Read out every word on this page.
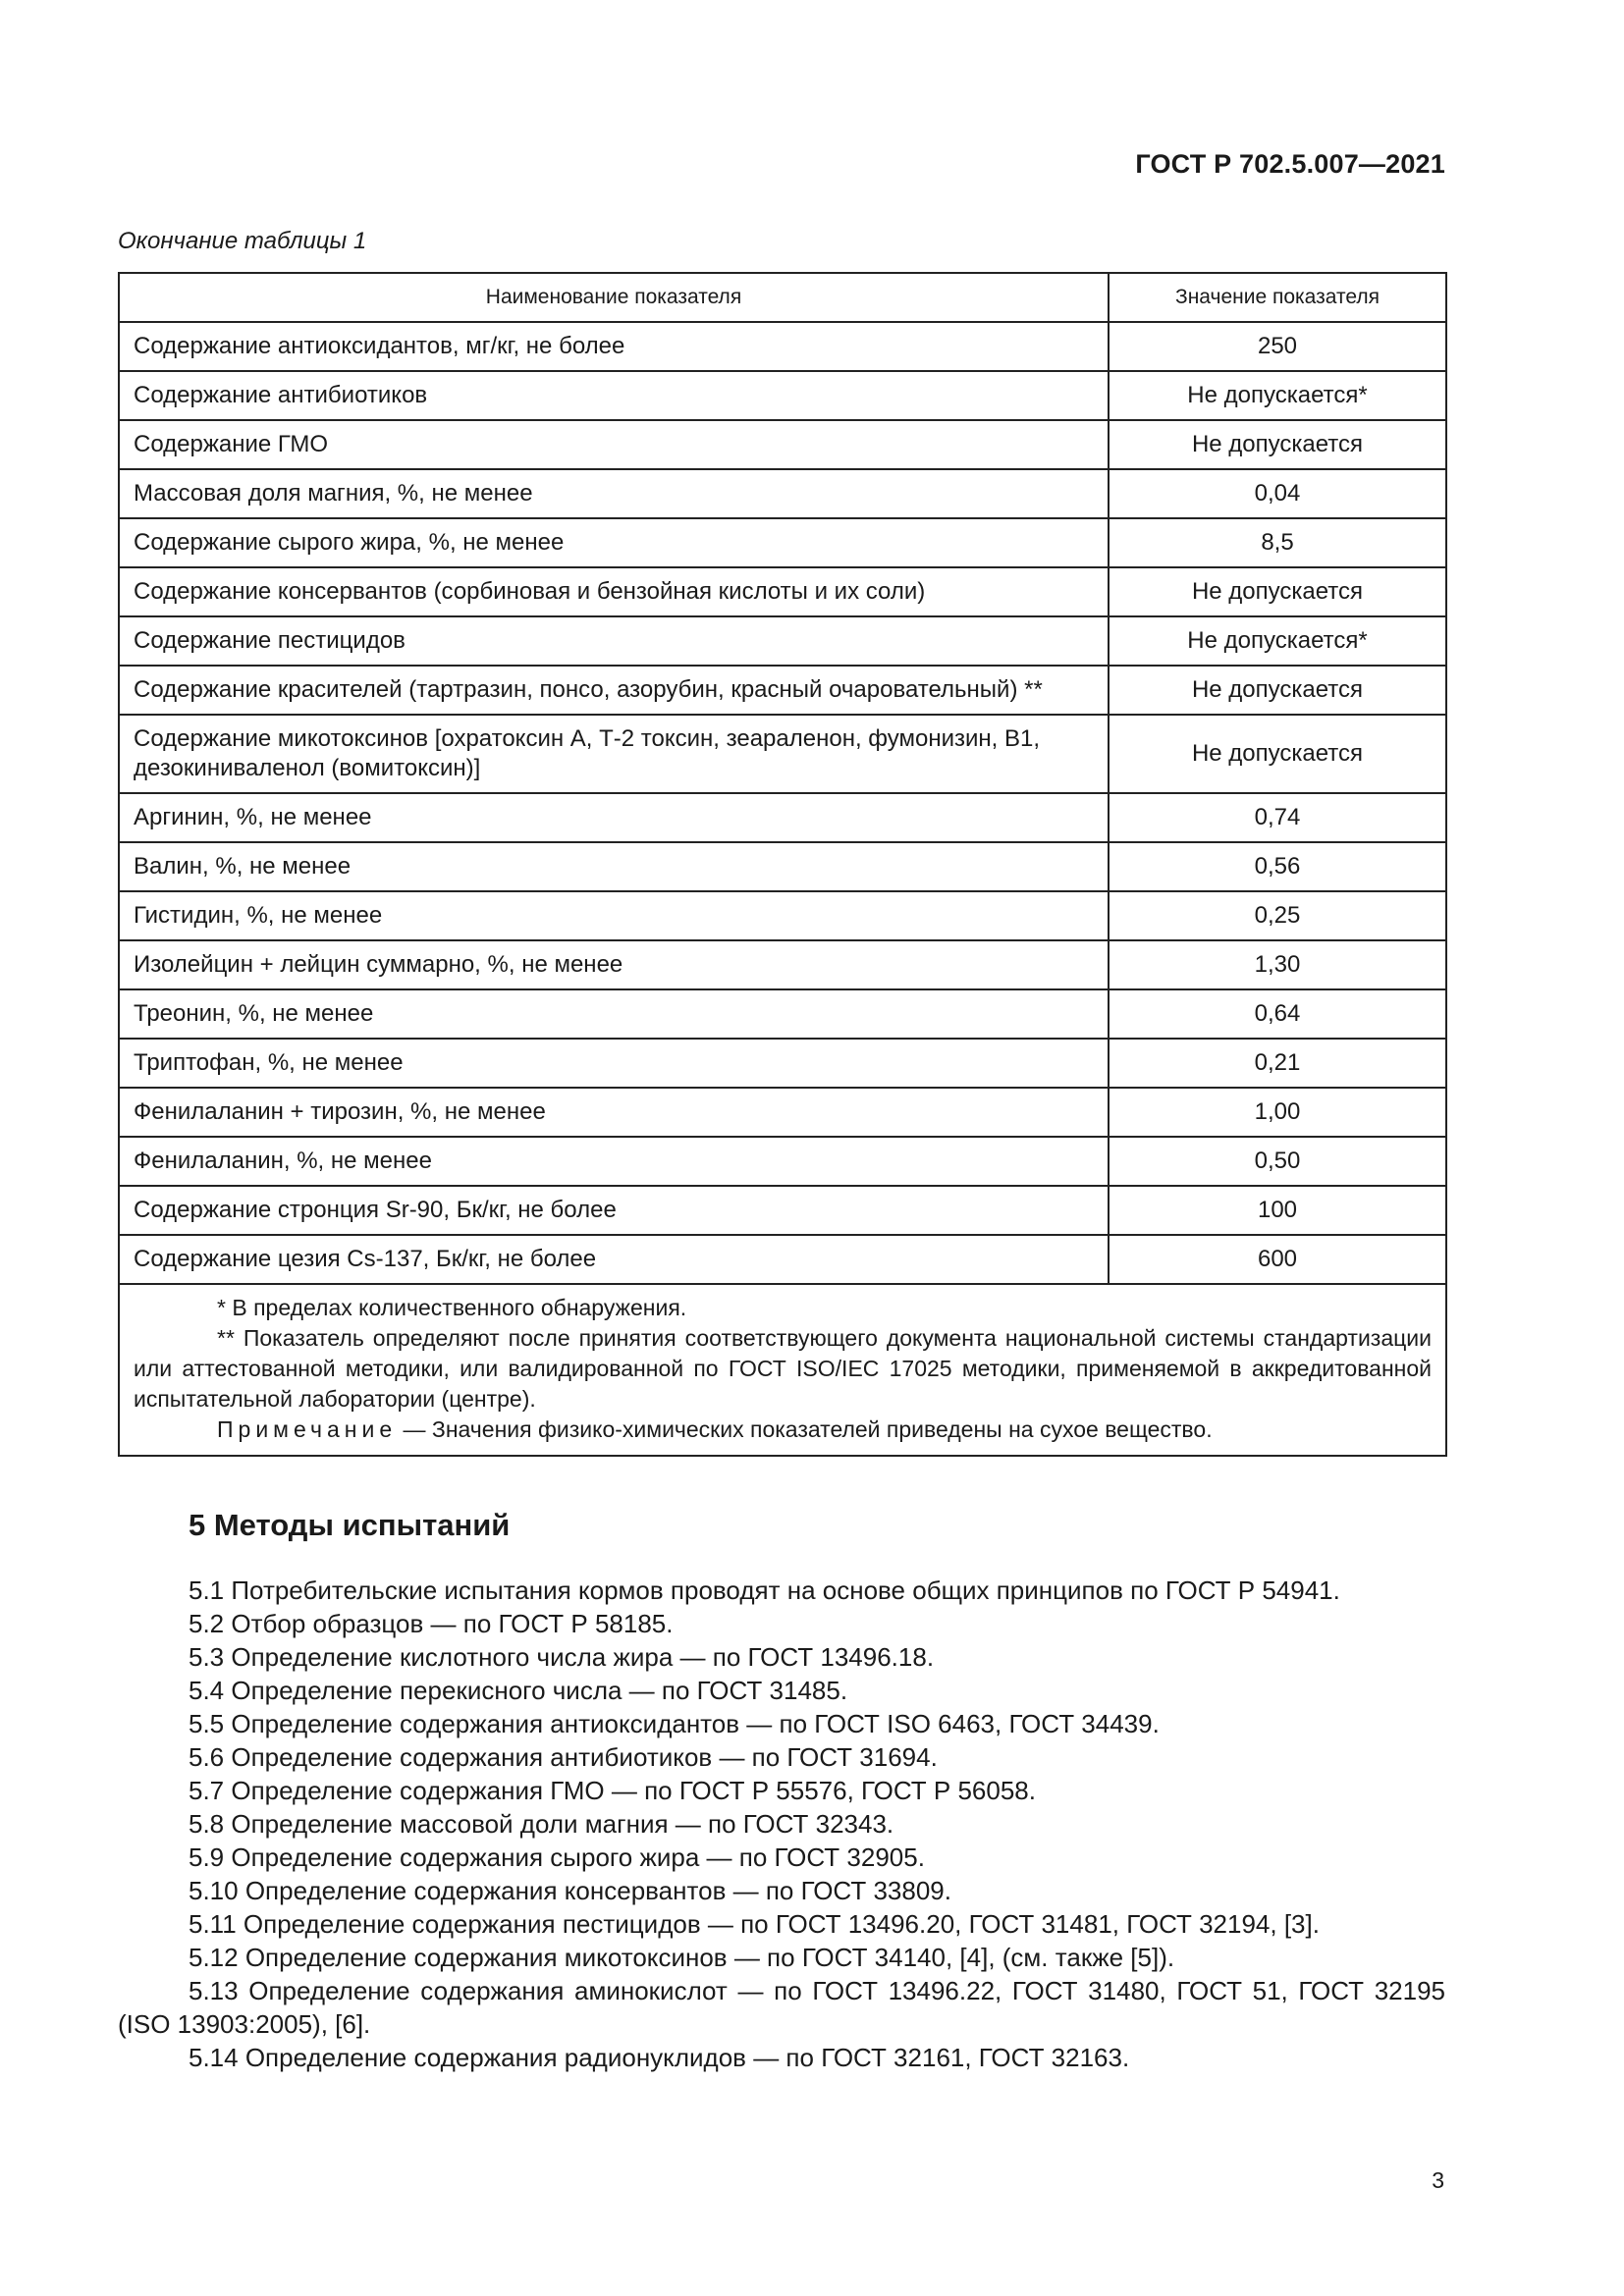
ГОСТ Р 702.5.007—2021
Окончание таблицы 1
Наименование показателя	Значение показателя
Содержание антиоксидантов, мг/кг, не более	250
Содержание антибиотиков	Не допускается*
Содержание ГМО	Не допускается
Массовая доля магния, %, не менее	0,04
Содержание сырого жира, %, не менее	8,5
Содержание консервантов (сорбиновая и бензойная кислоты и их соли)	Не допускается
Содержание пестицидов	Не допускается*
Содержание красителей (тартразин, понсо, азорубин, красный очаровательный) **	Не допускается
Содержание микотоксинов [охратоксин А, Т-2 токсин, зеараленон, фумонизин, В1, дезокиниваленол (вомитоксин)]	Не допускается
Аргинин, %, не менее	0,74
Валин, %, не менее	0,56
Гистидин, %, не менее	0,25
Изолейцин + лейцин суммарно, %, не менее	1,30
Треонин, %, не менее	0,64
Триптофан, %, не менее	0,21
Фенилаланин + тирозин, %, не менее	1,00
Фенилаланин, %, не менее	0,50
Содержание стронция Sr-90, Бк/кг, не более	100
Содержание цезия Cs-137, Бк/кг, не более	600

* В пределах количественного обнаружения.

** Показатель определяют после принятия соответствующего документа национальной системы стандартизации или аттестованной методики, или валидированной по ГОСТ ISO/IEC 17025 методики, применяемой в аккредитованной испытательной лаборатории (центре).

Примечание — Значения физико-химических показателей приведены на сухое вещество.	

5 Методы испытаний

5.1 Потребительские испытания кормов проводят на основе общих принципов по ГОСТ Р 54941.

5.2 Отбор образцов — по ГОСТ Р 58185.

5.3 Определение кислотного числа жира — по ГОСТ 13496.18.

5.4 Определение перекисного числа — по ГОСТ 31485.

5.5 Определение содержания антиоксидантов — по ГОСТ ISO 6463, ГОСТ 34439.

5.6 Определение содержания антибиотиков — по ГОСТ 31694.

5.7 Определение содержания ГМО — по ГОСТ Р 55576, ГОСТ Р 56058.

5.8 Определение массовой доли магния — по ГОСТ 32343.

5.9 Определение содержания сырого жира — по ГОСТ 32905.

5.10 Определение содержания консервантов — по ГОСТ 33809.

5.11 Определение содержания пестицидов — по ГОСТ 13496.20, ГОСТ 31481, ГОСТ 32194, [3].

5.12 Определение содержания микотоксинов — по ГОСТ 34140, [4], (см. также [5]).

5.13 Определение содержания аминокислот — по ГОСТ 13496.22, ГОСТ 31480, ГОСТ 51, ГОСТ 32195 (ISO 13903:2005), [6].

5.14 Определение содержания радионуклидов — по ГОСТ 32161, ГОСТ 32163.

3
